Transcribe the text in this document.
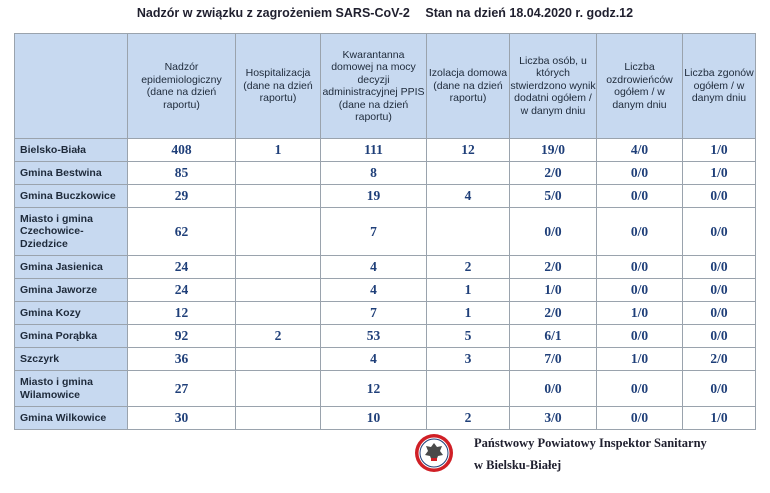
Nadzór w związku z zagrożeniem SARS-CoV-2 Stan na dzień 18.04.2020 r. godz.12
	Nadzór epidemiologiczny (dane na dzień raportu)	Hospitalizacja (dane na dzień raportu)	Kwarantanna domowej na mocy decyzji administracyjnej PPIS (dane na dzień raportu)	Izolacja domowa (dane na dzień raportu)	Liczba osób, u których stwierdzono wynik dodatni ogółem / w danym dniu	Liczba ozdrowieńców ogółem / w danym dniu	Liczba zgonów ogółem / w danym dniu
Bielsko-Biała	408	1	111	12	19/0	4/0	1/0
Gmina Bestwina	85		8		2/0	0/0	1/0
Gmina Buczkowice	29		19	4	5/0	0/0	0/0
Miasto i gmina Czechowice-Dziedzice	62		7		0/0	0/0	0/0
Gmina Jasienica	24		4	2	2/0	0/0	0/0
Gmina Jaworze	24		4	1	1/0	0/0	0/0
Gmina Kozy	12		7	1	2/0	1/0	0/0
Gmina Porąbka	92	2	53	5	6/1	0/0	0/0
Szczyrk	36		4	3	7/0	1/0	2/0
Miasto i gmina Wilamowice	27		12		0/0	0/0	0/0
Gmina Wilkowice	30		10	2	3/0	0/0	1/0
Państwowy Powiatowy Inspektor Sanitarny
w Bielsku-Białej
